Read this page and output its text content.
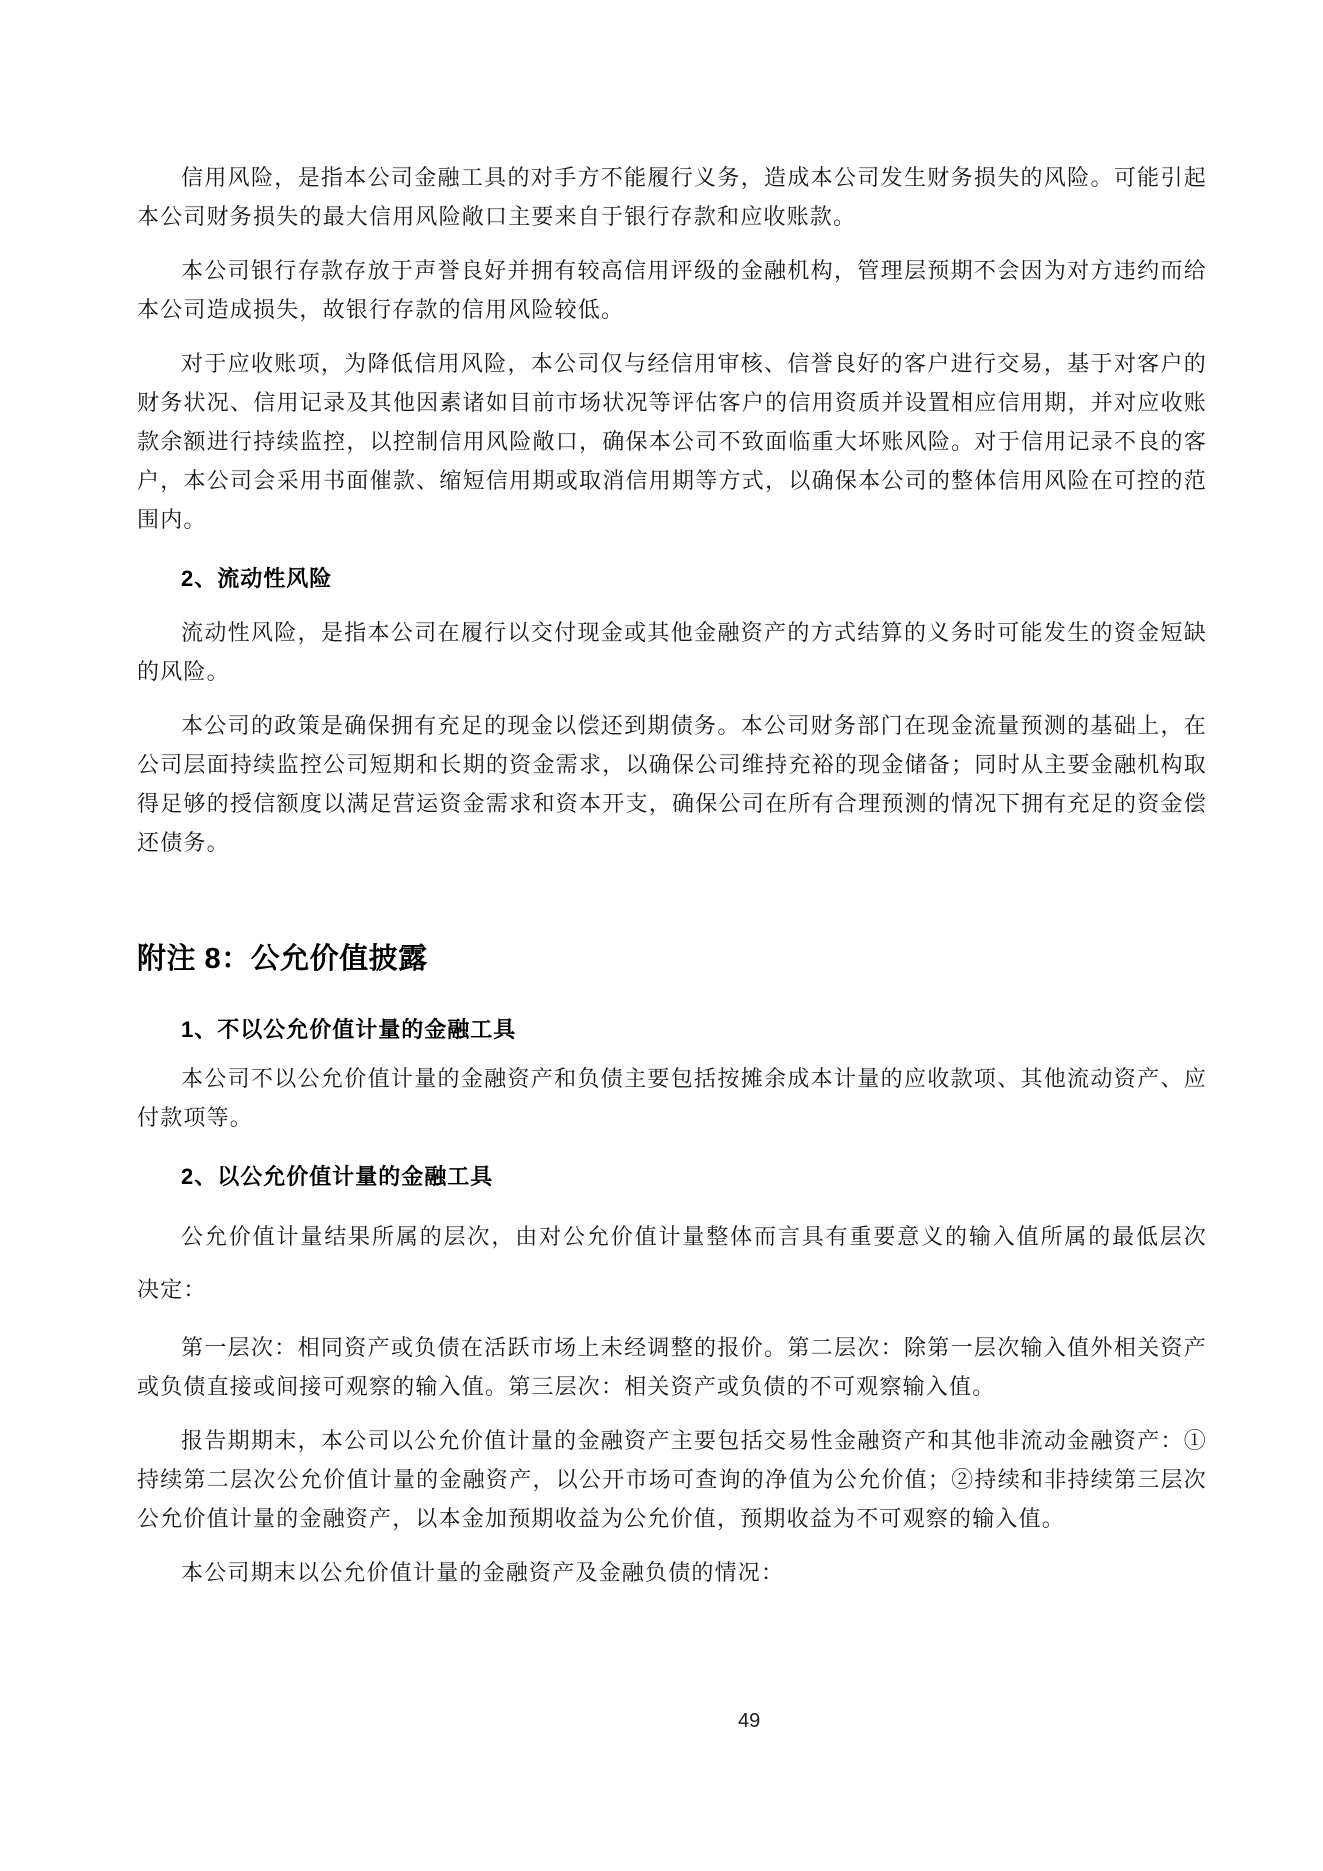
信用风险，是指本公司金融工具的对手方不能履行义务，造成本公司发生财务损失的风险。可能引起本公司财务损失的最大信用风险敞口主要来自于银行存款和应收账款。

本公司银行存款存放于声誉良好并拥有较高信用评级的金融机构，管理层预期不会因为对方违约而给本公司造成损失，故银行存款的信用风险较低。

对于应收账项，为降低信用风险，本公司仅与经信用审核、信誉良好的客户进行交易，基于对客户的财务状况、信用记录及其他因素诸如目前市场状况等评估客户的信用资质并设置相应信用期，并对应收账款余额进行持续监控，以控制信用风险敞口，确保本公司不致面临重大坏账风险。对于信用记录不良的客户，本公司会采用书面催款、缩短信用期或取消信用期等方式，以确保本公司的整体信用风险在可控的范围内。

2、流动性风险

流动性风险，是指本公司在履行以交付现金或其他金融资产的方式结算的义务时可能发生的资金短缺的风险。

本公司的政策是确保拥有充足的现金以偿还到期债务。本公司财务部门在现金流量预测的基础上，在公司层面持续监控公司短期和长期的资金需求，以确保公司维持充裕的现金储备；同时从主要金融机构取得足够的授信额度以满足营运资金需求和资本开支，确保公司在所有合理预测的情况下拥有充足的资金偿还债务。

附注 8：公允价值披露
1、不以公允价值计量的金融工具

本公司不以公允价值计量的金融资产和负债主要包括按摊余成本计量的应收款项、其他流动资产、应付款项等。

2、以公允价值计量的金融工具

公允价值计量结果所属的层次，由对公允价值计量整体而言具有重要意义的输入值所属的最低层次
决定：

第一层次：相同资产或负债在活跃市场上未经调整的报价。第二层次：除第一层次输入值外相关资产或负债直接或间接可观察的输入值。第三层次：相关资产或负债的不可观察输入值。

报告期期末，本公司以公允价值计量的金融资产主要包括交易性金融资产和其他非流动金融资产：①持续第二层次公允价值计量的金融资产，以公开市场可查询的净值为公允价值；②持续和非持续第三层次公允价值计量的金融资产，以本金加预期收益为公允价值，预期收益为不可观察的输入值。

本公司期末以公允价值计量的金融资产及金融负债的情况：

49
